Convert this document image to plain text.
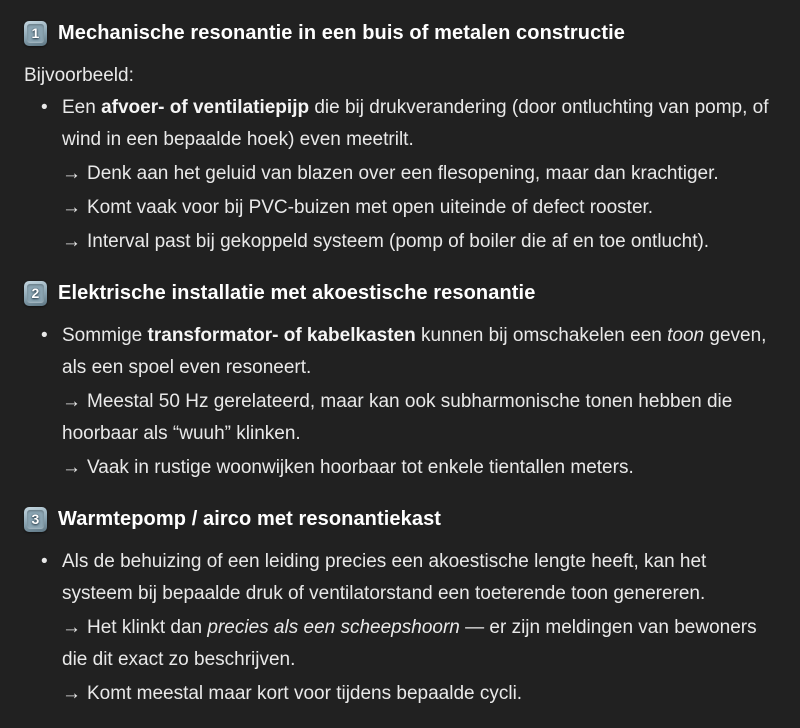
1 Mechanische resonantie in een buis of metalen constructie

Bijvoorbeeld:

• Een afvoer- of ventilatiepijp die bij drukverandering (door ontluchting van pomp, of wind in een bepaalde hoek) even meetrilt.

→ Denk aan het geluid van blazen over een flesopening, maar dan krachtiger.

→ Komt vaak voor bij PVC-buizen met open uiteinde of defect rooster.

→ Interval past bij gekoppeld systeem (pomp of boiler die af en toe ontlucht).

2 Elektrische installatie met akoestische resonantie
• Sommige transformator- of kabelkasten kunnen bij omschakelen een toon geven, als een spoel even resoneert.

→ Meestal 50 Hz gerelateerd, maar kan ook subharmonische tonen hebben die hoorbaar als “wuuh” klinken.

→ Vaak in rustige woonwijken hoorbaar tot enkele tientallen meters.

3 Warmtepomp / airco met resonantiekast
• Als de behuizing of een leiding precies een akoestische lengte heeft, kan het systeem bij bepaalde druk of ventilatorstand een toeterende toon genereren.

→ Het klinkt dan precies als een scheepshoorn — er zijn meldingen van bewoners die dit exact zo beschrijven.

→ Komt meestal maar kort voor tijdens bepaalde cycli.
